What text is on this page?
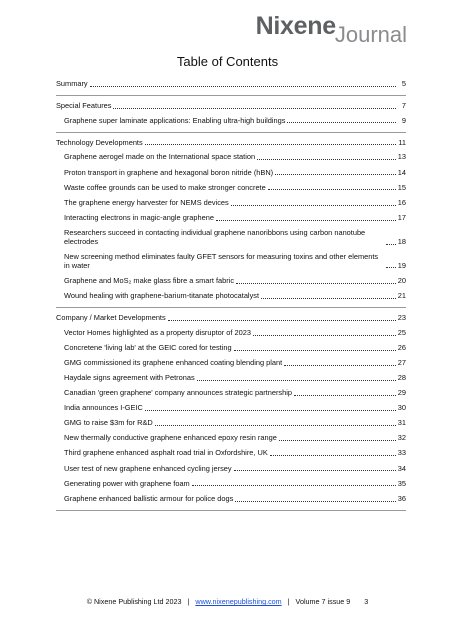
NixeneJournal
Table of Contents
Summary	5
Special Features	7
Graphene super laminate applications: Enabling ultra-high buildings	9
Technology Developments	11
Graphene aerogel made on the International space station	13
Proton transport in graphene and hexagonal boron nitride (hBN)	14
Waste coffee grounds can be used to make stronger concrete	15
The graphene energy harvester for NEMS devices	16
Interacting electrons in magic-angle graphene	17
Researchers succeed in contacting individual graphene nanoribbons using carbon nanotube electrodes	18
New screening method eliminates faulty GFET sensors for measuring toxins and other elements in water	19
Graphene and MoS₂ make glass fibre a smart fabric	20
Wound healing with graphene-barium-titanate photocatalyst	21
Company / Market Developments	23
Vector Homes highlighted as a property disruptor of 2023	25
Concretene 'living lab' at the GEIC cored for testing	26
GMG commissioned its graphene enhanced coating blending plant	27
Haydale signs agreement with Petronas	28
Canadian 'green graphene' company announces strategic partnership	29
India announces I-GEIC	30
GMG to raise $3m for R&D	31
New thermally conductive graphene enhanced epoxy resin range	32
Third graphene enhanced asphalt road trial in Oxfordshire, UK	33
User test of new graphene enhanced cycling jersey	34
Generating power with graphene foam	35
Graphene enhanced ballistic armour for police dogs	36
© Nixene Publishing Ltd 2023 | www.nixenepublishing.com | Volume 7 issue 9 3
